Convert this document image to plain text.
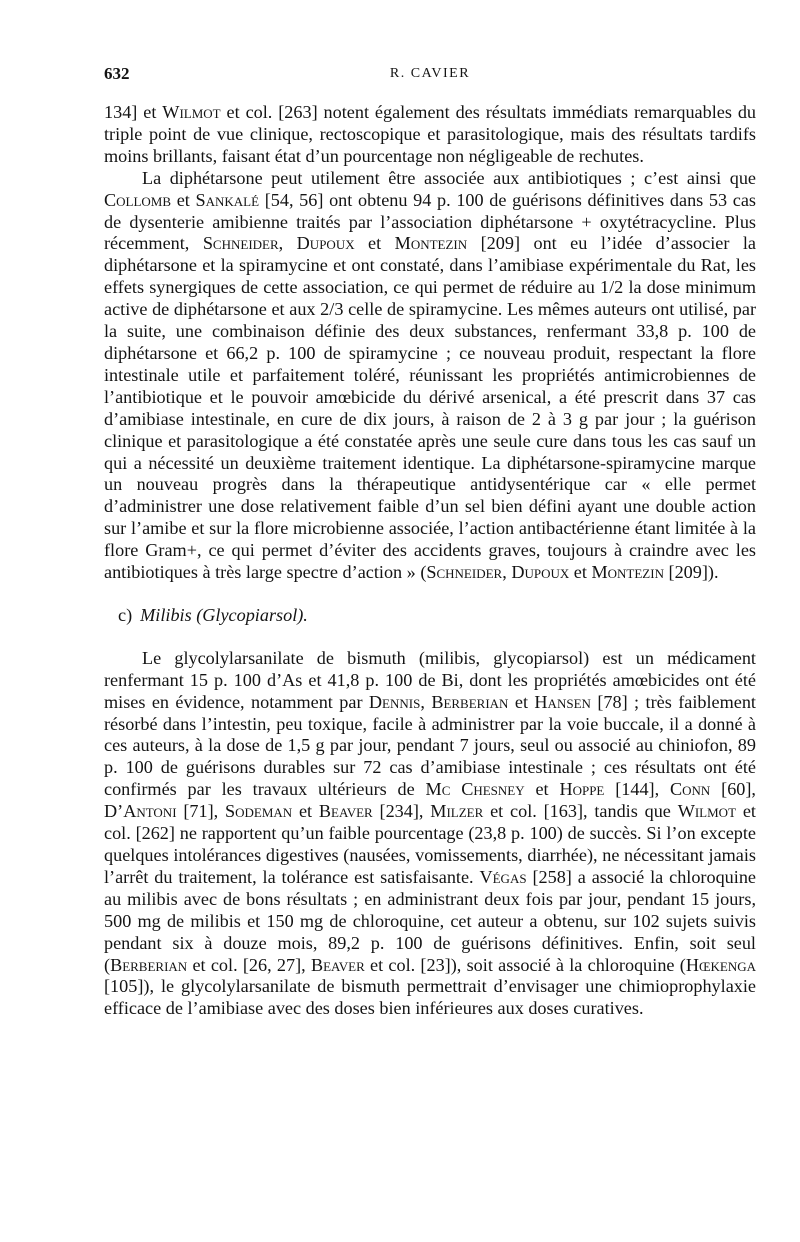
632	R. CAVIER

134] et Wilmot et col. [263] notent également des résultats immédiats remarquables du triple point de vue clinique, rectoscopique et parasitologique, mais des résultats tardifs moins brillants, faisant état d’un pourcentage non négligeable de rechutes.

La diphétarsone peut utilement être associée aux antibiotiques ; c’est ainsi que Collomb et Sankalé [54, 56] ont obtenu 94 p. 100 de guérisons définitives dans 53 cas de dysenterie amibienne traités par l’association diphétarsone + oxytétracycline. Plus récemment, Schneider, Dupoux et Montezin [209] ont eu l’idée d’associer la diphétarsone et la spiramycine et ont constaté, dans l’amibiase expérimentale du Rat, les effets synergiques de cette association, ce qui permet de réduire au 1/2 la dose minimum active de diphétarsone et aux 2/3 celle de spiramycine. Les mêmes auteurs ont utilisé, par la suite, une combinaison définie des deux substances, renfermant 33,8 p. 100 de diphétarsone et 66,2 p. 100 de spiramycine ; ce nouveau produit, respectant la flore intestinale utile et parfaitement toléré, réunissant les propriétés antimicrobiennes de l’antibiotique et le pouvoir amœbicide du dérivé arsenical, a été prescrit dans 37 cas d’amibiase intestinale, en cure de dix jours, à raison de 2 à 3 g par jour ; la guérison clinique et parasitologique a été constatée après une seule cure dans tous les cas sauf un qui a nécessité un deuxième traitement identique. La diphétarsone-spiramycine marque un nouveau progrès dans la thérapeutique antidysentérique car « elle permet d’administrer une dose relativement faible d’un sel bien défini ayant une double action sur l’amibe et sur la flore microbienne associée, l’action antibactérienne étant limitée à la flore Gram+, ce qui permet d’éviter des accidents graves, toujours à craindre avec les antibiotiques à très large spectre d’action » (Schneider, Dupoux et Montezin [209]).

c) Milibis (Glycopiarsol).

Le glycolylarsanilate de bismuth (milibis, glycopiarsol) est un médicament renfermant 15 p. 100 d’As et 41,8 p. 100 de Bi, dont les propriétés amœbicides ont été mises en évidence, notamment par Dennis, Berberian et Hansen [78] ; très faiblement résorbé dans l’intestin, peu toxique, facile à administrer par la voie buccale, il a donné à ces auteurs, à la dose de 1,5 g par jour, pendant 7 jours, seul ou associé au chiniofon, 89 p. 100 de guérisons durables sur 72 cas d’amibiase intestinale ; ces résultats ont été confirmés par les travaux ultérieurs de Mc Chesney et Hoppe [144], Conn [60], D’Antoni [71], Sodeman et Beaver [234], Milzer et col. [163], tandis que Wilmot et col. [262] ne rapportent qu’un faible pourcentage (23,8 p. 100) de succès. Si l’on excepte quelques intolérances digestives (nausées, vomissements, diarrhée), ne nécessitant jamais l’arrêt du traitement, la tolérance est satisfaisante. Végas [258] a associé la chloroquine au milibis avec de bons résultats ; en administrant deux fois par jour, pendant 15 jours, 500 mg de milibis et 150 mg de chloroquine, cet auteur a obtenu, sur 102 sujets suivis pendant six à douze mois, 89,2 p. 100 de guérisons définitives. Enfin, soit seul (Berberian et col. [26, 27], Beaver et col. [23]), soit associé à la chloroquine (Hœkenga [105]), le glycolylarsanilate de bismuth permettrait d’envisager une chimioprophylaxie efficace de l’amibiase avec des doses bien inférieures aux doses curatives.
